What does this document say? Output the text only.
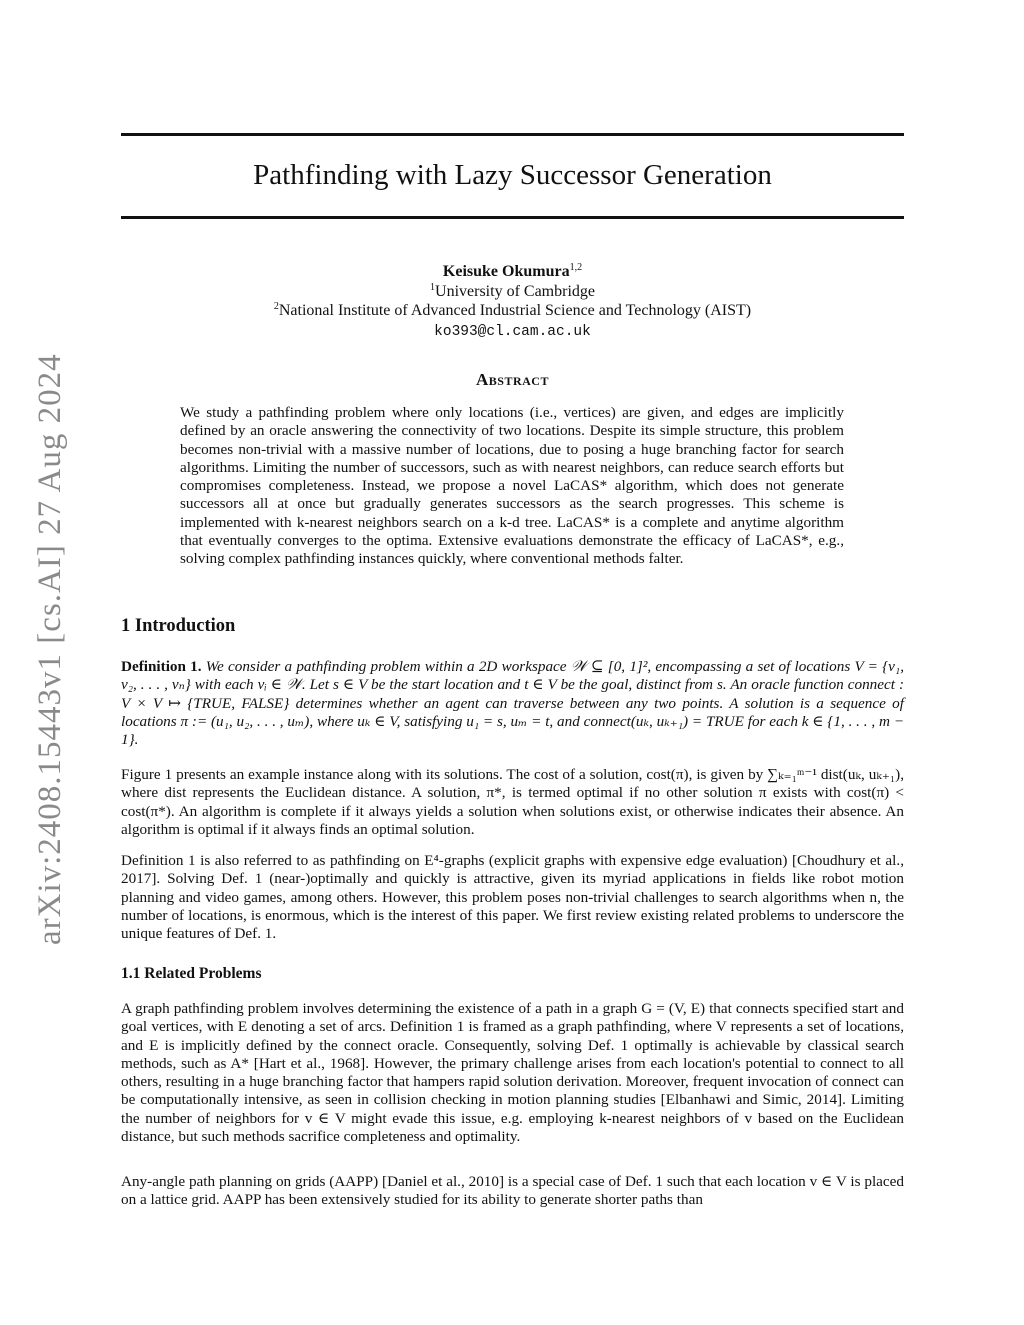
arXiv:2408.15443v1 [cs.AI] 27 Aug 2024
Pathfinding with Lazy Successor Generation
Keisuke Okumura$^{1,2}$
$^1$University of Cambridge
$^2$National Institute of Advanced Industrial Science and Technology (AIST)
ko393@cl.cam.ac.uk
Abstract

We study a pathfinding problem where only locations (i.e., vertices) are given, and edges are implicitly defined by an oracle answering the connectivity of two locations. Despite its simple structure, this problem becomes non-trivial with a massive number of locations, due to posing a huge branching factor for search algorithms. Limiting the number of successors, such as with nearest neighbors, can reduce search efforts but compromises completeness. Instead, we propose a novel LaCAS* algorithm, which does not generate successors all at once but gradually generates successors as the search progresses. This scheme is implemented with k-nearest neighbors search on a k-d tree. LaCAS* is a complete and anytime algorithm that eventually converges to the optima. Extensive evaluations demonstrate the efficacy of LaCAS*, e.g., solving complex pathfinding instances quickly, where conventional methods falter.

1 Introduction

Definition 1. We consider a pathfinding problem within a 2D workspace 𝒲 ⊆ [0, 1]², encompassing a set of locations V = {v₁, v₂, . . . , vₙ} with each vᵢ ∈ 𝒲. Let s ∈ V be the start location and t ∈ V be the goal, distinct from s. An oracle function connect : V × V ↦ {TRUE, FALSE} determines whether an agent can traverse between any two points. A solution is a sequence of locations π := (u₁, u₂, . . . , uₘ), where uₖ ∈ V, satisfying u₁ = s, uₘ = t, and connect(uₖ, uₖ₊₁) = TRUE for each k ∈ {1, . . . , m − 1}.

Figure 1 presents an example instance along with its solutions. The cost of a solution, cost(π), is given by ∑ₖ₌₁ᵐ⁻¹ dist(uₖ, uₖ₊₁), where dist represents the Euclidean distance. A solution, π*, is termed optimal if no other solution π exists with cost(π) < cost(π*). An algorithm is complete if it always yields a solution when solutions exist, or otherwise indicates their absence. An algorithm is optimal if it always finds an optimal solution.

Definition 1 is also referred to as pathfinding on E⁴-graphs (explicit graphs with expensive edge evaluation) [Choudhury et al., 2017]. Solving Def. 1 (near-)optimally and quickly is attractive, given its myriad applications in fields like robot motion planning and video games, among others. However, this problem poses non-trivial challenges to search algorithms when n, the number of locations, is enormous, which is the interest of this paper. We first review existing related problems to underscore the unique features of Def. 1.

1.1 Related Problems

A graph pathfinding problem involves determining the existence of a path in a graph G = (V, E) that connects specified start and goal vertices, with E denoting a set of arcs. Definition 1 is framed as a graph pathfinding, where V represents a set of locations, and E is implicitly defined by the connect oracle. Consequently, solving Def. 1 optimally is achievable by classical search methods, such as A* [Hart et al., 1968]. However, the primary challenge arises from each location's potential to connect to all others, resulting in a huge branching factor that hampers rapid solution derivation. Moreover, frequent invocation of connect can be computationally intensive, as seen in collision checking in motion planning studies [Elbanhawi and Simic, 2014]. Limiting the number of neighbors for v ∈ V might evade this issue, e.g. employing k-nearest neighbors of v based on the Euclidean distance, but such methods sacrifice completeness and optimality.

Any-angle path planning on grids (AAPP) [Daniel et al., 2010] is a special case of Def. 1 such that each location v ∈ V is placed on a lattice grid. AAPP has been extensively studied for its ability to generate shorter paths than
